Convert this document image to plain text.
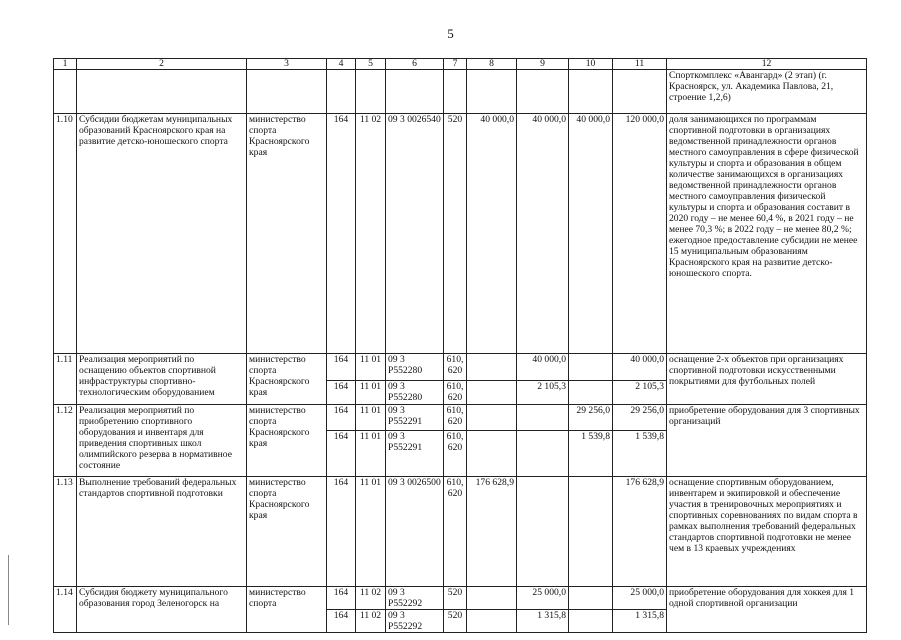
5
1	2	3	4	5	6	7	8	9	10	11	12
											Спорткомплекс «Авангард» (2 этап) (г. Красноярск, ул. Академика Павлова, 21, строение 1,2,6)
1.10	Субсидии бюджетам муниципальных образований Красноярского края на развитие детско-юношеского спорта	министерство спорта Красноярского края	164	11 02	09 3 0026540	520	40 000,0	40 000,0	40 000,0	120 000,0	доля занимающихся по программам спортивной подготовки в организациях ведомственной принадлежности органов местного самоуправления в сфере физической культуры и спорта и образования в общем количестве занимающихся в организациях ведомственной принадлежности органов местного самоуправления физической культуры и спорта и образования составит в 2020 году – не менее 60,4 %, в 2021 году – не менее 70,3 %; в 2022 году – не менее 80,2 %; ежегодное предоставление субсидии не менее 15 муниципальным образованиям Красноярского края на развитие детско-юношеского спорта.
1.11	Реализация мероприятий по оснащению объектов спортивной инфраструктуры спортивно-технологическим оборудованием	министерство спорта Красноярского края	164	11 01	09 3 P552280	610, 620		40 000,0		40 000,0	оснащение 2-х объектов при организациях спортивной подготовки искусственными покрытиями для футбольных полей
			164	11 01	09 3 P552280	610, 620		2 105,3		2 105,3	
1.12	Реализация мероприятий по приобретению спортивного оборудования и инвентаря для приведения спортивных школ олимпийского резерва в нормативное состояние	министерство спорта Красноярского края	164	11 01	09 3 P552291	610, 620			29 256,0	29 256,0	приобретение оборудования для 3 спортивных организаций
			164	11 01	09 3 P552291	610, 620			1 539,8	1 539,8	
1.13	Выполнение требований федеральных стандартов спортивной подготовки	министерство спорта Красноярского края	164	11 01	09 3 0026500	610, 620	176 628,9			176 628,9	оснащение спортивным оборудованием, инвентарем и экипировкой и обеспечение участия в тренировочных мероприятиях и спортивных соревнованиях по видам спорта в рамках выполнения требований федеральных стандартов спортивной подготовки не менее чем в 13 краевых учреждениях
1.14	Субсидия бюджету муниципального образования город Зеленогорск на	министерство спорта	164	11 02	09 3 P552292	520		25 000,0		25 000,0	приобретение оборудования для хоккея для 1 одной спортивной организации
			164	11 02	09 3 P552292	520		1 315,8		1 315,8	
